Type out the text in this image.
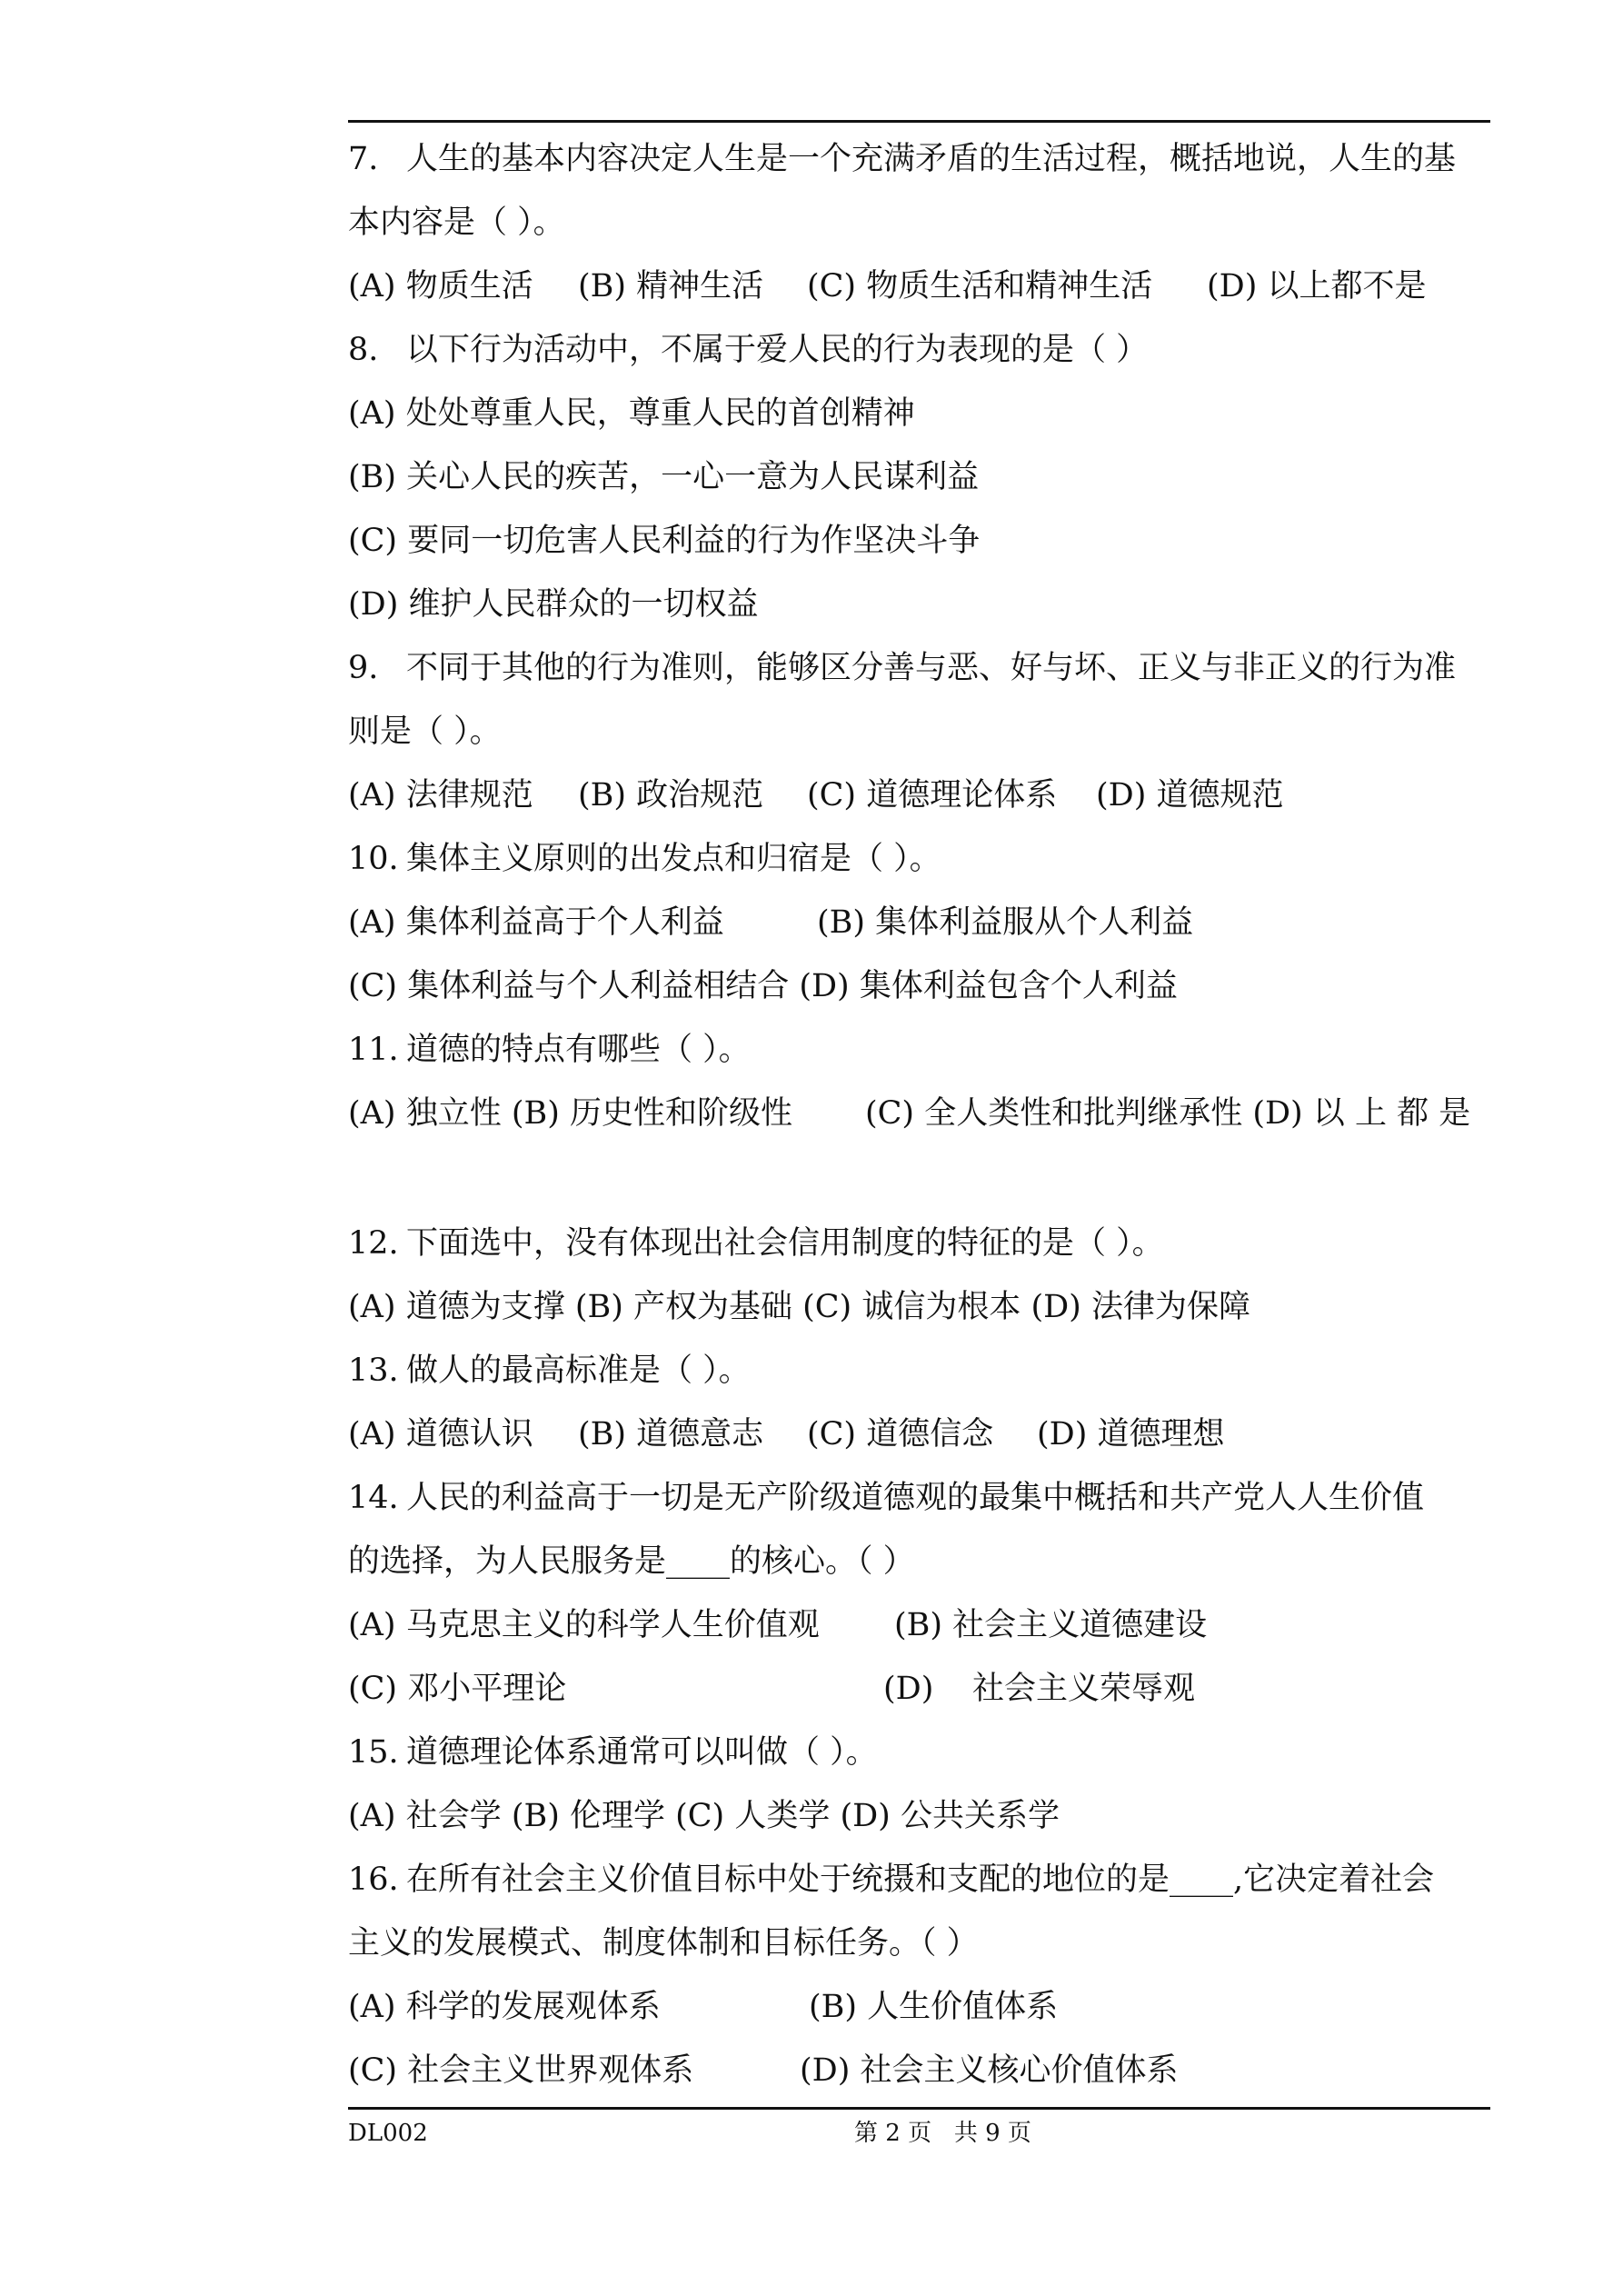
7. 人生的基本内容决定人生是一个充满矛盾的生活过程，概括地说，人生的基
本内容是（ ）。
(A) 物质生活 (B) 精神生活 (C) 物质生活和精神生活 (D) 以上都不是
8. 以下行为活动中，不属于爱人民的行为表现的是（ ）
(A) 处处尊重人民，尊重人民的首创精神
(B) 关心人民的疾苦，一心一意为人民谋利益
(C) 要同一切危害人民利益的行为作坚决斗争
(D) 维护人民群众的一切权益
9. 不同于其他的行为准则，能够区分善与恶、好与坏、正义与非正义的行为准
则是（ ）。
(A) 法律规范 (B) 政治规范 (C) 道德理论体系 (D) 道德规范
10. 集体主义原则的出发点和归宿是（ ）。
(A) 集体利益高于个人利益	(B) 集体利益服从个人利益
(C) 集体利益与个人利益相结合 (D) 集体利益包含个人利益
11. 道德的特点有哪些（ ）。
(A) 独立性 (B) 历史性和阶级性 (C) 全人类性和批判继承性 (D) 以 上 都 是
12. 下面选中，没有体现出社会信用制度的特征的是（ ）。
(A) 道德为支撑 (B) 产权为基础 (C) 诚信为根本 (D) 法律为保障
13. 做人的最高标准是（ ）。
(A) 道德认识 (B) 道德意志 (C) 道德信念 (D) 道德理想
14. 人民的利益高于一切是无产阶级道德观的最集中概括和共产党人人生价值
的选择，为人民服务是____的核心。（ ）
(A) 马克思主义的科学人生价值观 (B) 社会主义道德建设
(C) 邓小平理论	(D) 社会主义荣辱观
15. 道德理论体系通常可以叫做（ ）。
(A) 社会学 (B) 伦理学 (C) 人类学 (D) 公共关系学
16. 在所有社会主义价值目标中处于统摄和支配的地位的是____,它决定着社会
主义的发展模式、制度体制和目标任务。（ ）
(A) 科学的发展观体系	(B) 人生价值体系
(C) 社会主义世界观体系	(D) 社会主义核心价值体系
DL002	第 2 页   共 9 页
